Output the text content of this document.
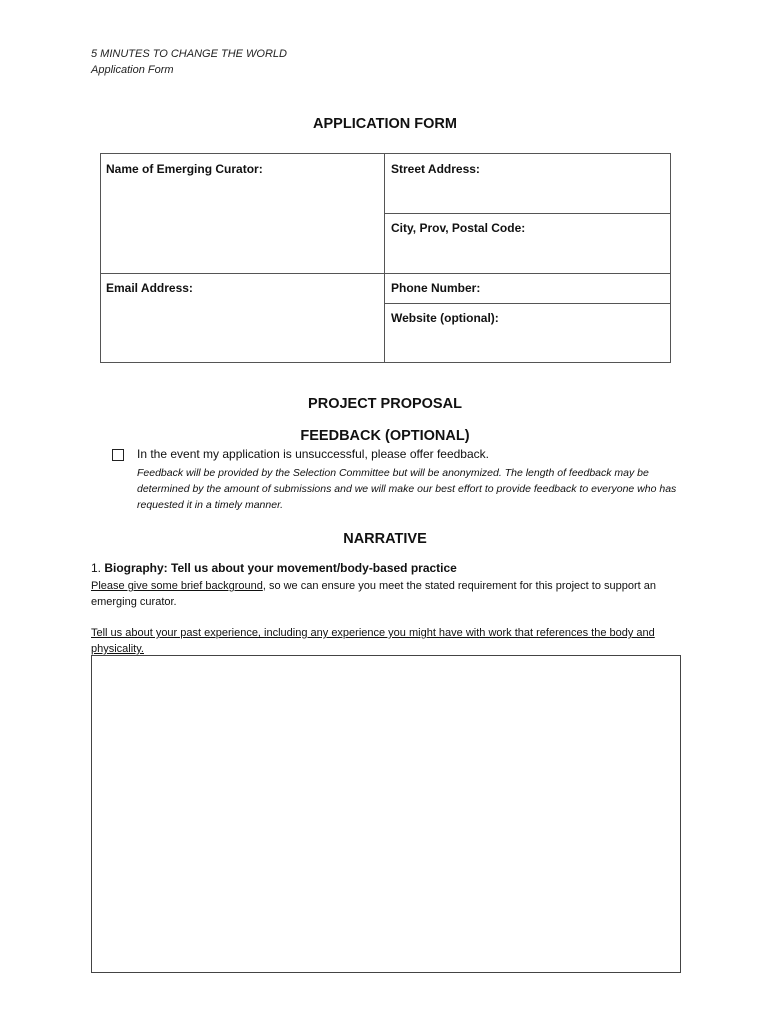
5 MINUTES TO CHANGE THE WORLD
Application Form
APPLICATION FORM
Name of Emerging Curator:	Street Address:
City, Prov, Postal Code:
Email Address:	Phone Number:
Website (optional):
PROJECT PROPOSAL
FEEDBACK (OPTIONAL)
In the event my application is unsuccessful, please offer feedback.
Feedback will be provided by the Selection Committee but will be anonymized. The length of feedback may be determined by the amount of submissions and we will make our best effort to provide feedback to everyone who has requested it in a timely manner.
NARRATIVE
1. Biography: Tell us about your movement/body-based practice
Please give some brief background, so we can ensure you meet the stated requirement for this project to support an emerging curator.
Tell us about your past experience, including any experience you might have with work that references the body and physicality.
